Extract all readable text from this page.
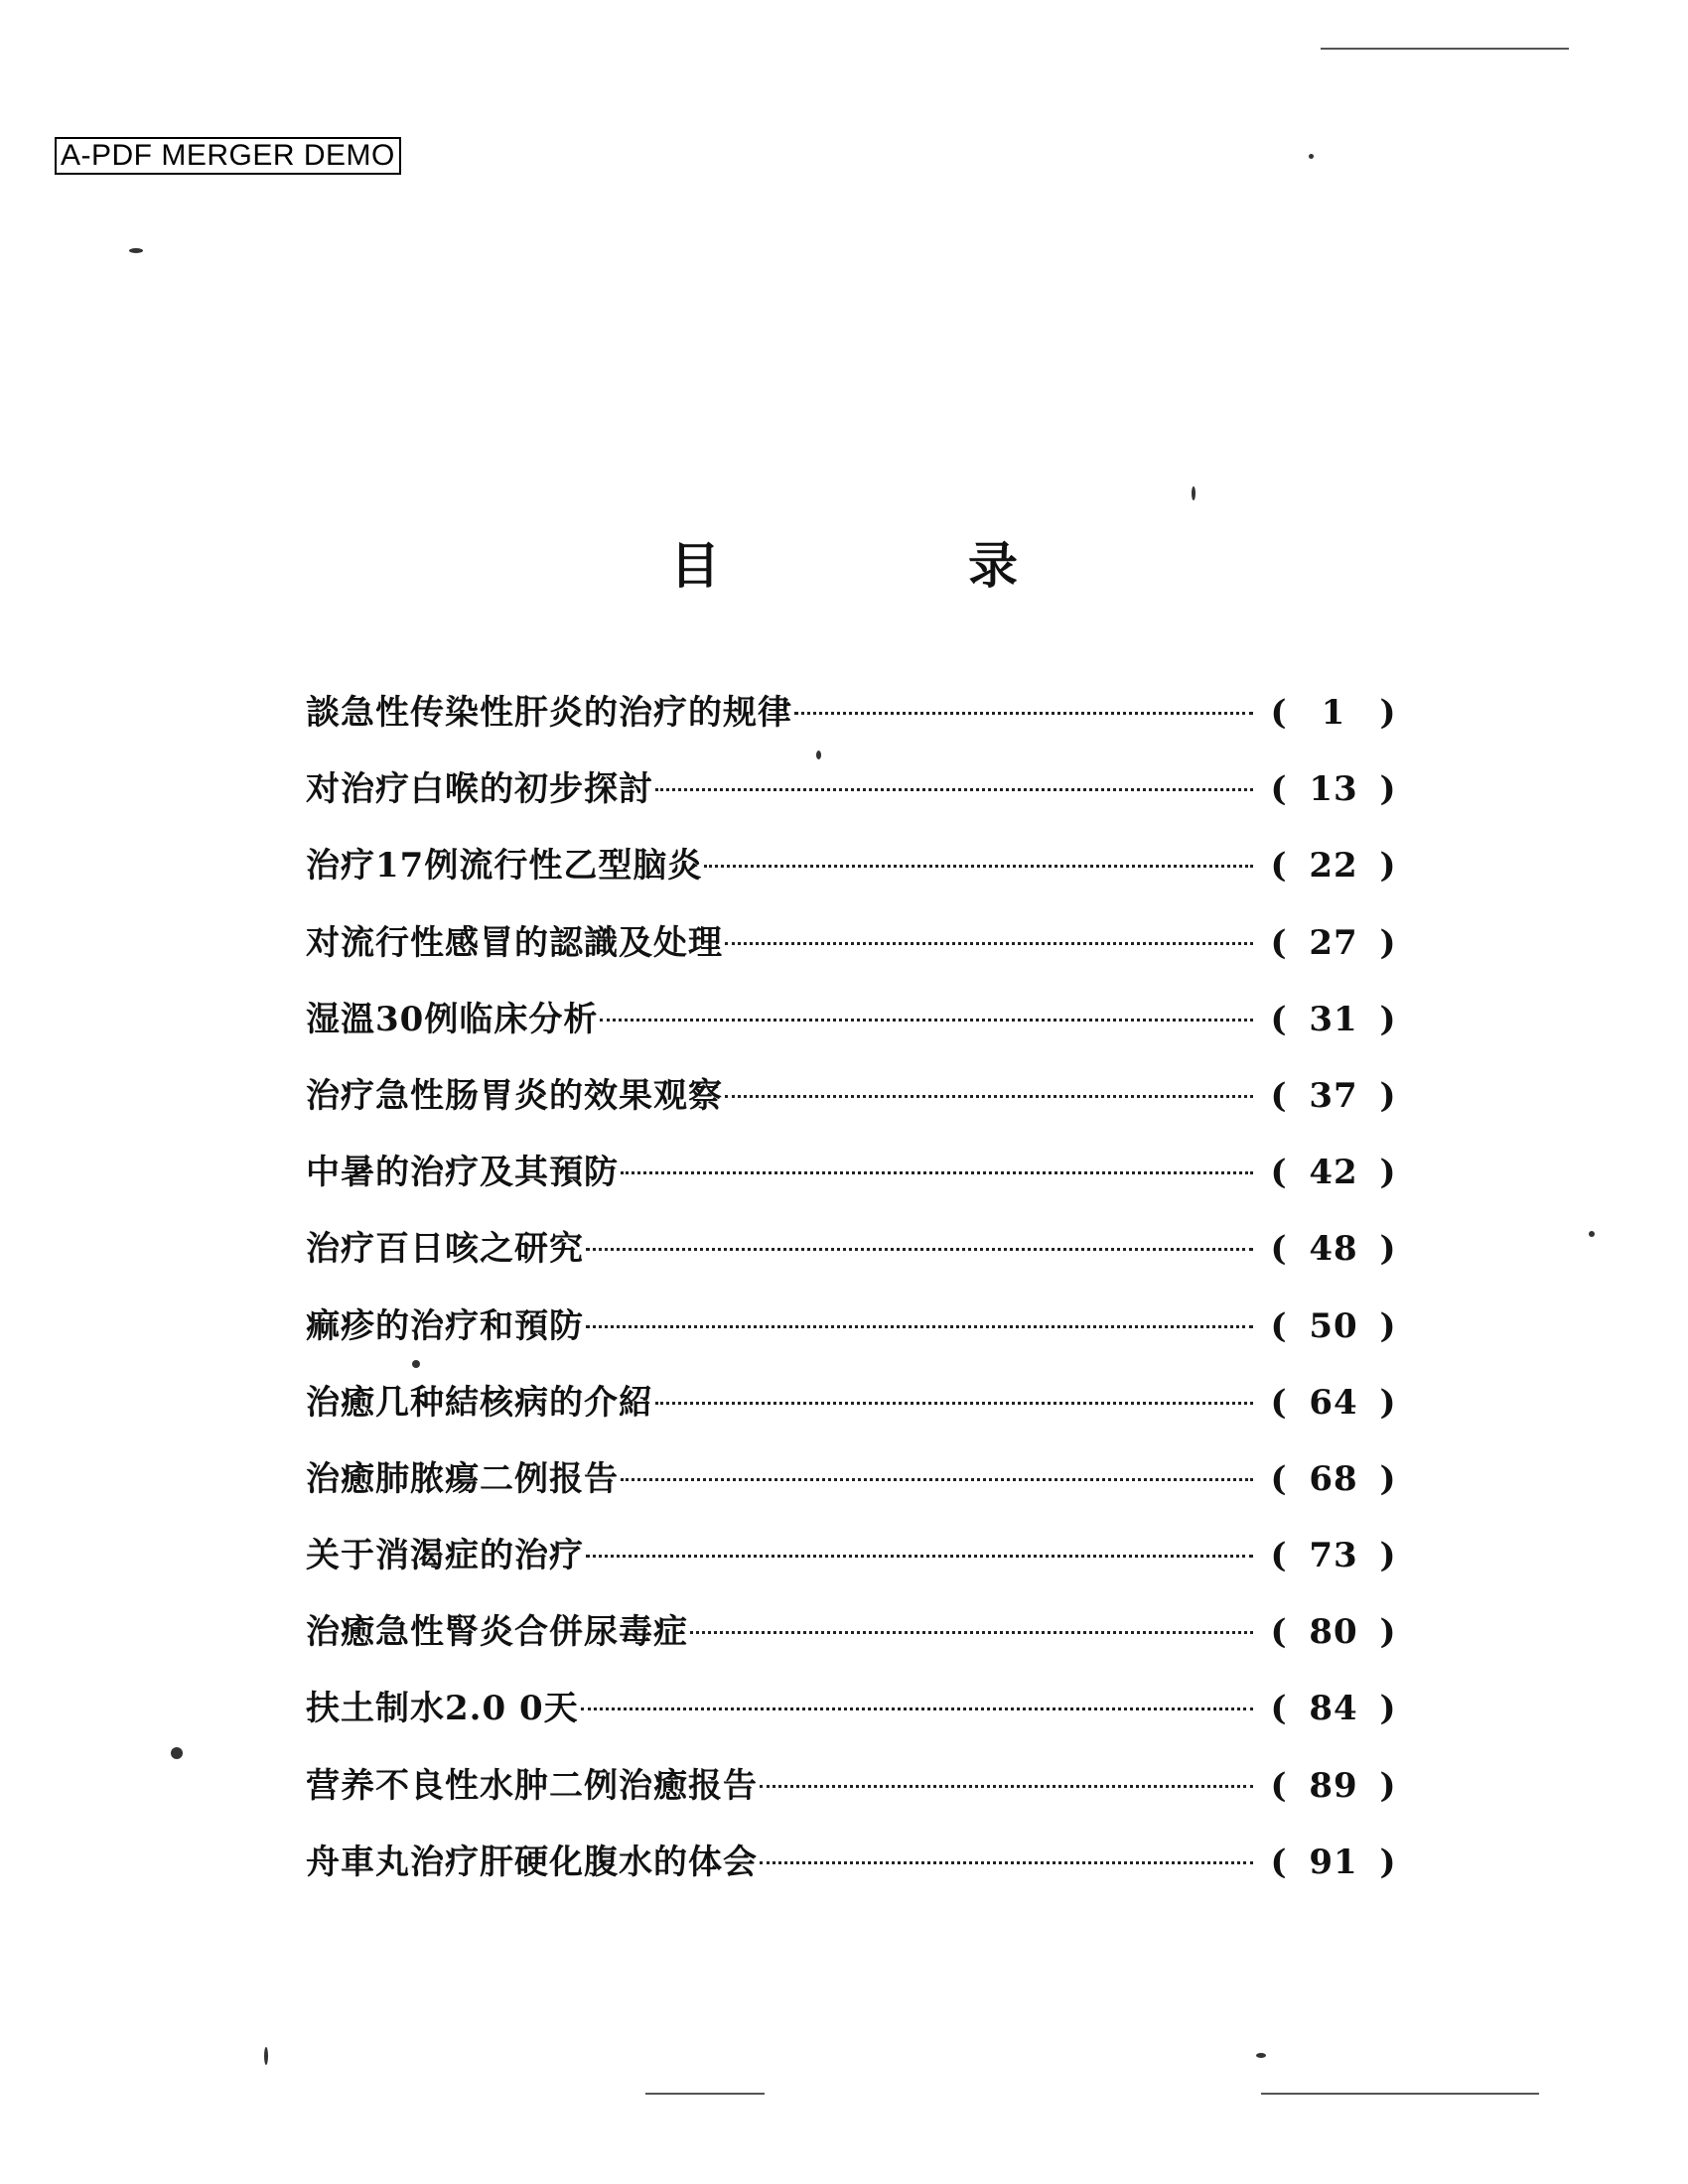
A-PDF MERGER DEMO
目	录
談急性传染性肝炎的治疗的规律	(	1	)
对治疗白喉的初步探討	( 13 )
治疗17例流行性乙型脑炎	( 22 )
对流行性感冒的認識及处理	( 27 )
湿溫30例临床分析	( 31 )
治疗急性肠胃炎的效果观察	( 37 )
中暑的治疗及其預防	( 42 )
治疗百日咳之研究	( 48 )
痲疹的治疗和預防	( 50 )
治癒几种結核病的介紹	( 64 )
治癒肺脓瘍二例报告	( 68 )
关于消渴症的治疗	( 73 )
治癒急性腎炎合併尿毒症	( 80 )
扶土制水2.0 0天	( 84 )
营养不良性水肿二例治癒报告	( 89 )
舟車丸治疗肝硬化腹水的体会	( 91 )
